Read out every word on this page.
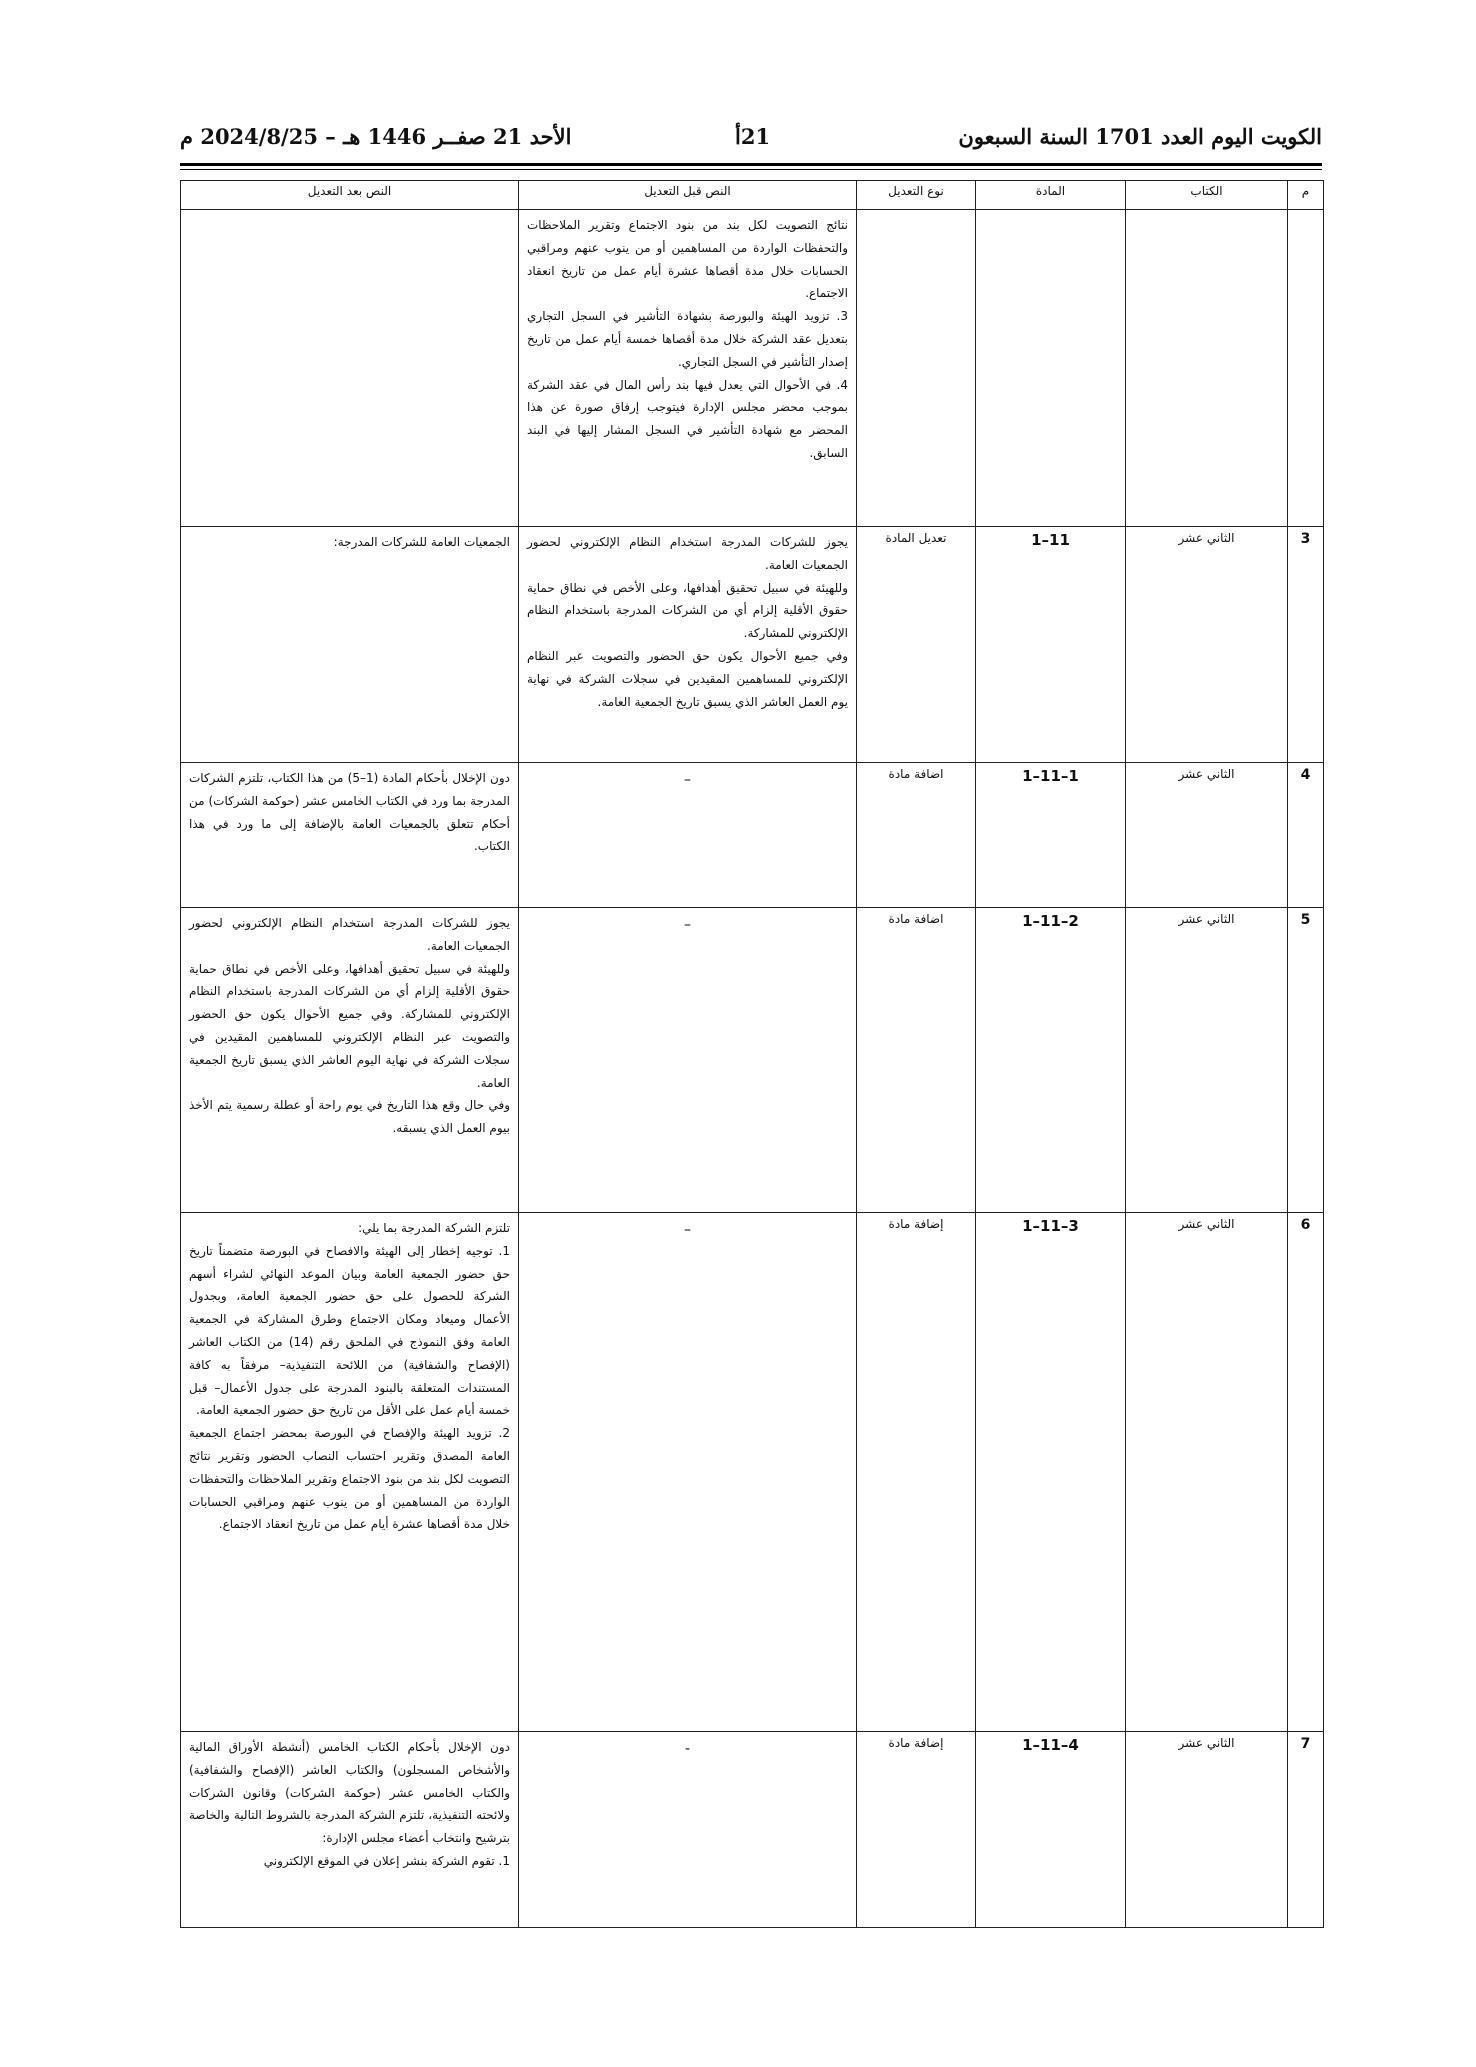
الكويت اليوم العدد 1701 السنة السبعون
21أ
الأحد 21 صفــر 1446 هـ – 2024/8/25 م
م	الكتاب	المادة	نوع التعديل	النص قبل التعديل	النص بعد التعديل

				نتائج التصويت لكل بند من بنود الاجتماع وتقرير الملاحظات والتحفظات الواردة من المساهمين أو من ينوب عنهم ومراقبي الحسابات خلال مدة أقصاها عشرة أيام عمل من تاريخ انعقاد الاجتماع.

3. تزويد الهيئة والبورصة بشهادة التأشير في السجل التجاري بتعديل عقد الشركة خلال مدة أقصاها خمسة أيام عمل من تاريخ إصدار التأشير في السجل التجاري.

4. في الأحوال التي يعدل فيها بند رأس المال في عقد الشركة بموجب محضر مجلس الإدارة فيتوجب إرفاق صورة عن هذا المحضر مع شهادة التأشير في السجل المشار إليها في البند السابق.	

3	الثاني عشر	1–11	تعديل المادة	يجوز للشركات المدرجة استخدام النظام الإلكتروني لحضور الجمعيات العامة.

وللهيئة في سبيل تحقيق أهدافها، وعلى الأخص في نطاق حماية حقوق الأقلية إلزام أي من الشركات المدرجة باستخدام النظام الإلكتروني للمشاركة.

وفي جميع الأحوال يكون حق الحضور والتصويت عبر النظام الإلكتروني للمساهمين المقيدين في سجلات الشركة في نهاية يوم العمل العاشر الذي يسبق تاريخ الجمعية العامة.	الجمعيات العامة للشركات المدرجة:

4	الثاني عشر	1–11–1	اضافة مادة	–	دون الإخلال بأحكام المادة (1–5) من هذا الكتاب، تلتزم الشركات المدرجة بما ورد في الكتاب الخامس عشر (حوكمة الشركات) من أحكام تتعلق بالجمعيات العامة بالإضافة إلى ما ورد في هذا الكتاب.

5	الثاني عشر	1–11–2	اضافة مادة	–	يجوز للشركات المدرجة استخدام النظام الإلكتروني لحضور الجمعيات العامة.

وللهيئة في سبيل تحقيق أهدافها، وعلى الأخص في نطاق حماية حقوق الأقلية إلزام أي من الشركات المدرجة باستخدام النظام الإلكتروني للمشاركة. وفي جميع الأحوال يكون حق الحضور والتصويت عبر النظام الإلكتروني للمساهمين المقيدين في سجلات الشركة في نهاية اليوم العاشر الذي يسبق تاريخ الجمعية العامة.

وفي حال وقع هذا التاريخ في يوم راحة أو عطلة رسمية يتم الأخذ بيوم العمل الذي يسبقه.

6	الثاني عشر	1–11–3	إضافة مادة	–	تلتزم الشركة المدرجة بما يلي:

1. توجيه إخطار إلى الهيئة والافصاح في البورصة متضمناً تاريخ حق حضور الجمعية العامة وبيان الموعد النهائي لشراء أسهم الشركة للحصول على حق حضور الجمعية العامة، وبجدول الأعمال وميعاد ومكان الاجتماع وطرق المشاركة في الجمعية العامة وفق النموذج في الملحق رقم (14) من الكتاب العاشر (الإفصاح والشفافية) من اللائحة التنفيذية– مرفقاً به كافة المستندات المتعلقة بالبنود المدرجة على جدول الأعمال– قبل خمسة أيام عمل على الأقل من تاريخ حق حضور الجمعية العامة.

2. تزويد الهيئة والإفصاح في البورصة بمحضر اجتماع الجمعية العامة المصدق وتقرير احتساب النصاب الحضور وتقرير نتائج التصويت لكل بند من بنود الاجتماع وتقرير الملاحظات والتحفظات الواردة من المساهمين أو من ينوب عنهم ومراقبي الحسابات خلال مدة أقصاها عشرة أيام عمل من تاريخ انعقاد الاجتماع.

7	الثاني عشر	1–11–4	إضافة مادة	-	دون الإخلال بأحكام الكتاب الخامس (أنشطة الأوراق المالية والأشخاص المسجلون) والكتاب العاشر (الإفصاح والشفافية) والكتاب الخامس عشر (حوكمة الشركات) وقانون الشركات ولائحته التنفيذية، تلتزم الشركة المدرجة بالشروط التالية والخاصة بترشيح وانتخاب أعضاء مجلس الإدارة:

1. تقوم الشركة بنشر إعلان في الموقع الإلكتروني
